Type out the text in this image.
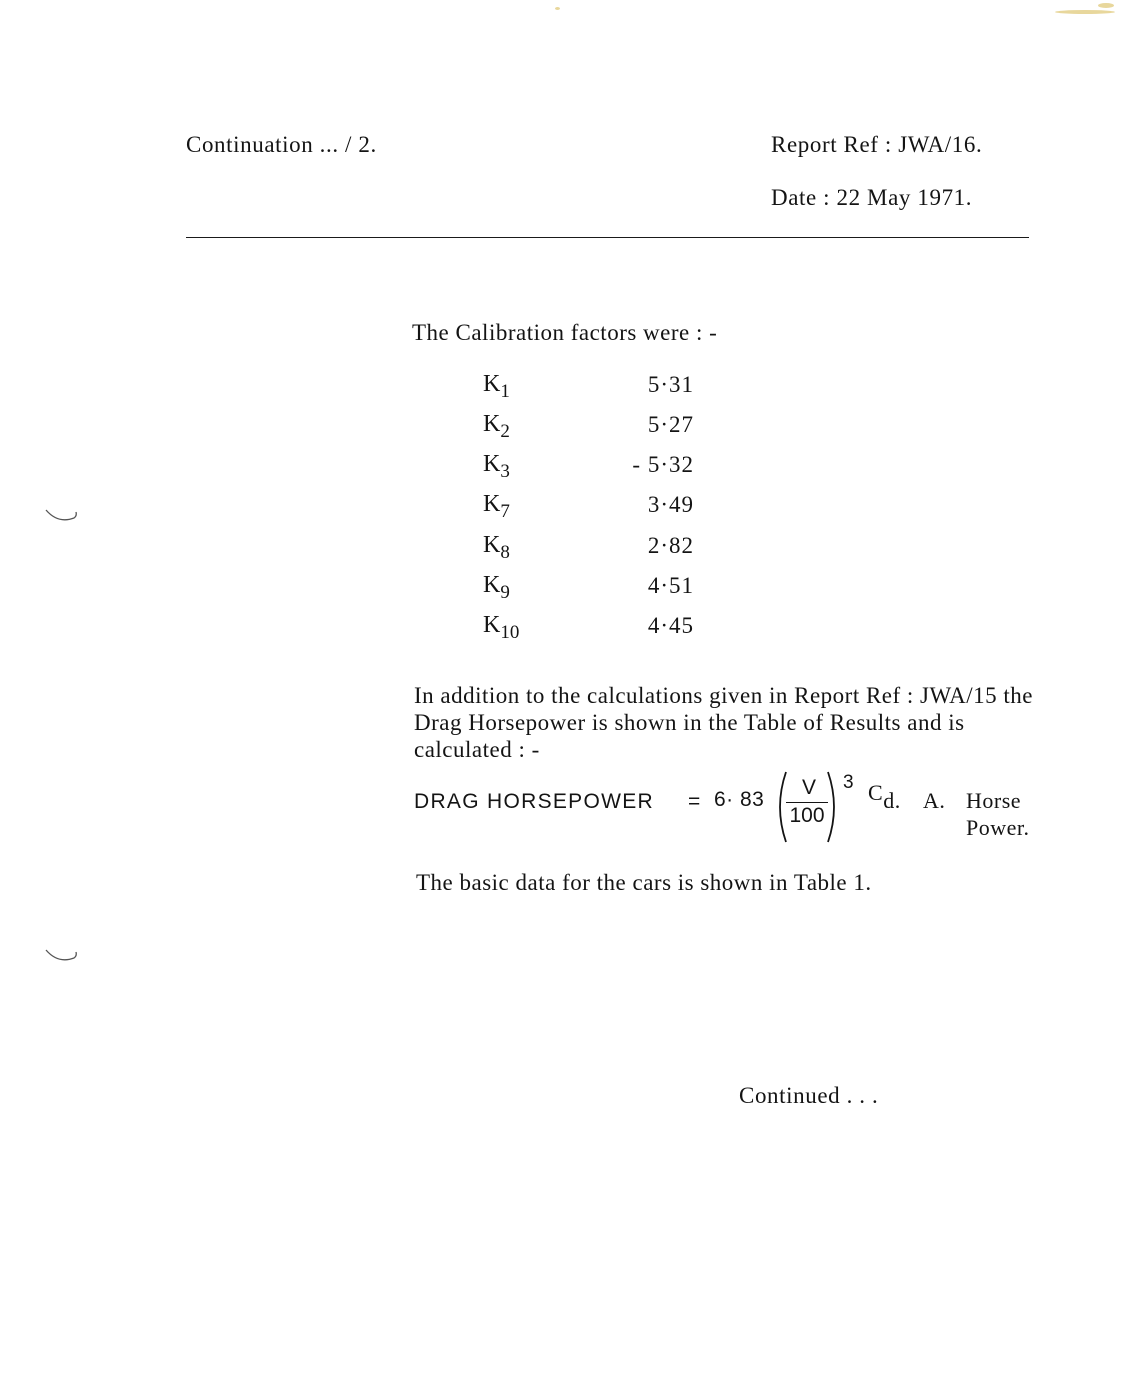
Continuation ... / 2.	Report Ref : JWA/16.
Date : 22 May 1971.
The Calibration factors were : -
$K_1$	5·31
$K_2$	5·27
$K_3$	- 5·32
$K_7$	3·49
$K_8$	2·82
$K_9$	4·51
$K_{10}$	4·45
In addition to the calculations given in Report Ref : JWA/15 the Drag Horsepower is shown in the Table of Results and is calculated : -
DRAG HORSEPOWER = 6· 83
V
100
3 Cd. A. Horse
Power.
The basic data for the cars is shown in Table 1.
Continued . . .
